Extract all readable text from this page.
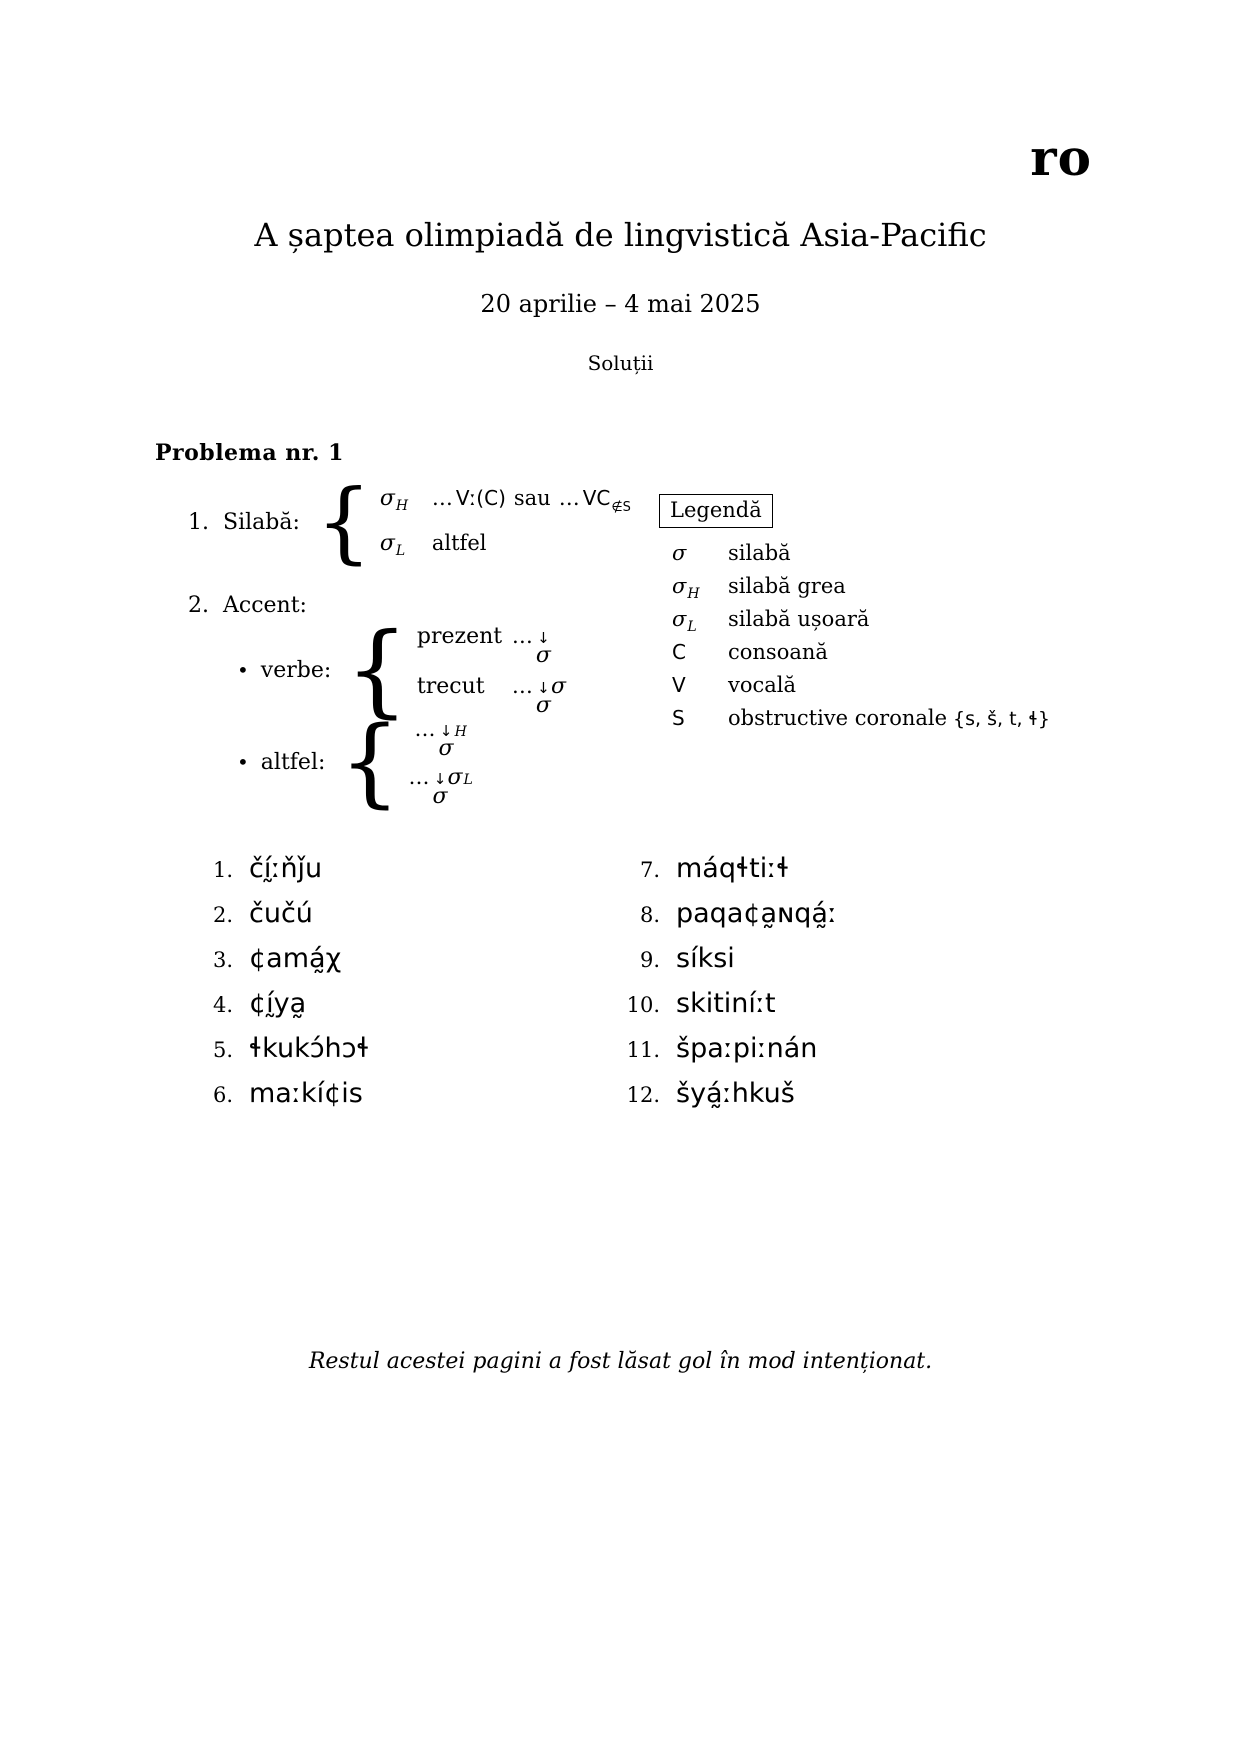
ro
A șaptea olimpiadă de lingvistică Asia-Pacific
20 aprilie – 4 mai 2025
Soluții
Problema nr. 1
1. Silabă: { σH	… Vː(C) sau … $VC_{\notin S}$
σL	altfel
2. Accent:
• verbe: { prezent … ↓
σ
trecut	… ↓
σ
σ
• altfel: { … ↓
σ
H
… ↓
σ
σ L
Legendă
σ	silabă
σH	silabă grea
σL	silabă ușoară
C	consoană
V	vocală
S	obstructive coronale {s, š, t, ɬ}
1. čḭ́ːňǰu
2. čučú
3. ¢amá̰χ
4. ¢ḭ́ya̰
5. ɬkukɔ́hɔɬ
6. maːkí¢is
7. máqɬtiːɬ
8. paqa¢a̰ɴqá̰ː
9. síksi
10. skitiníːt
11. špaːpiːnán
12. šyá̰ːhkuš
Restul acestei pagini a fost lăsat gol în mod intenționat.
